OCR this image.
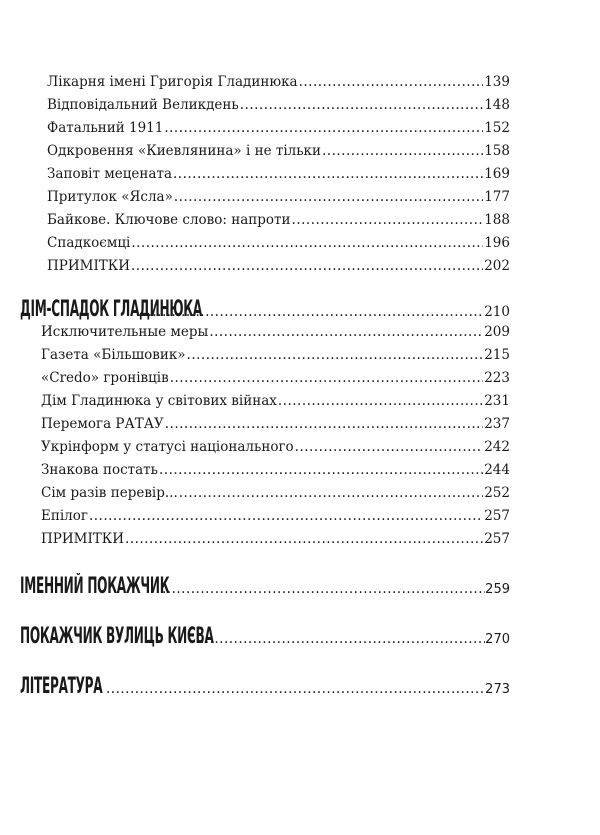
Лікарня імені Григорія Гладинюка .....	139
Відповідальний Великдень .....	148
Фатальний 1911 .....	152
Одкровення «Киевлянина» і не тільки .....	158
Заповіт мецената .....	169
Притулок «Ясла» .....	177
Байкове. Ключове слово: напроти .....	188
Спадкоємці .....	196
ПРИМІТКИ .....	202
ДІМ-СПАДОК ГЛАДИНЮКА .....	210
Исключительные меры .....	209
Газета «Більшовик» .....	215
«Credo» гронівців .....	223
Дім Гладинюка у світових війнах .....	231
Перемога РАТАУ .....	237
Укрінформ у статусі національного .....	242
Знакова постать .....	244
Сім разів перевір... .....	252
Епілог .....	257
ПРИМІТКИ .....	257
ІМЕННИЙ ПОКАЖЧИК .....	259
ПОКАЖЧИК ВУЛИЦЬ КИЄВА .....	270
ЛІТЕРАТУРА .....	273
